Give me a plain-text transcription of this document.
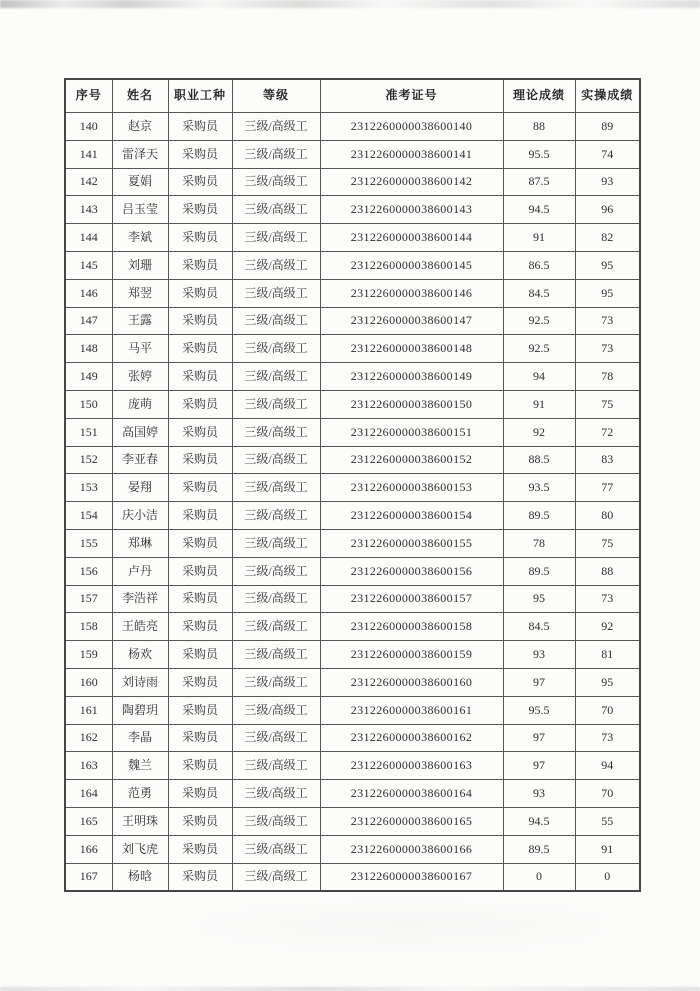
序号	姓名	职业工种	等级	准考证号	理论成绩	实操成绩
140	赵京	采购员	三级/高级工	2312260000038600140	88	89
141	雷泽天	采购员	三级/高级工	2312260000038600141	95.5	74
142	夏娟	采购员	三级/高级工	2312260000038600142	87.5	93
143	吕玉莹	采购员	三级/高级工	2312260000038600143	94.5	96
144	李斌	采购员	三级/高级工	2312260000038600144	91	82
145	刘珊	采购员	三级/高级工	2312260000038600145	86.5	95
146	郑翌	采购员	三级/高级工	2312260000038600146	84.5	95
147	王露	采购员	三级/高级工	2312260000038600147	92.5	73
148	马平	采购员	三级/高级工	2312260000038600148	92.5	73
149	张婷	采购员	三级/高级工	2312260000038600149	94	78
150	庞萌	采购员	三级/高级工	2312260000038600150	91	75
151	高国婷	采购员	三级/高级工	2312260000038600151	92	72
152	李亚春	采购员	三级/高级工	2312260000038600152	88.5	83
153	晏翔	采购员	三级/高级工	2312260000038600153	93.5	77
154	庆小洁	采购员	三级/高级工	2312260000038600154	89.5	80
155	郑琳	采购员	三级/高级工	2312260000038600155	78	75
156	卢丹	采购员	三级/高级工	2312260000038600156	89.5	88
157	李浩祥	采购员	三级/高级工	2312260000038600157	95	73
158	王皓亮	采购员	三级/高级工	2312260000038600158	84.5	92
159	杨欢	采购员	三级/高级工	2312260000038600159	93	81
160	刘诗雨	采购员	三级/高级工	2312260000038600160	97	95
161	陶碧玥	采购员	三级/高级工	2312260000038600161	95.5	70
162	李晶	采购员	三级/高级工	2312260000038600162	97	73
163	魏兰	采购员	三级/高级工	2312260000038600163	97	94
164	范勇	采购员	三级/高级工	2312260000038600164	93	70
165	王明珠	采购员	三级/高级工	2312260000038600165	94.5	55
166	刘飞虎	采购员	三级/高级工	2312260000038600166	89.5	91
167	杨晗	采购员	三级/高级工	2312260000038600167	0	0
